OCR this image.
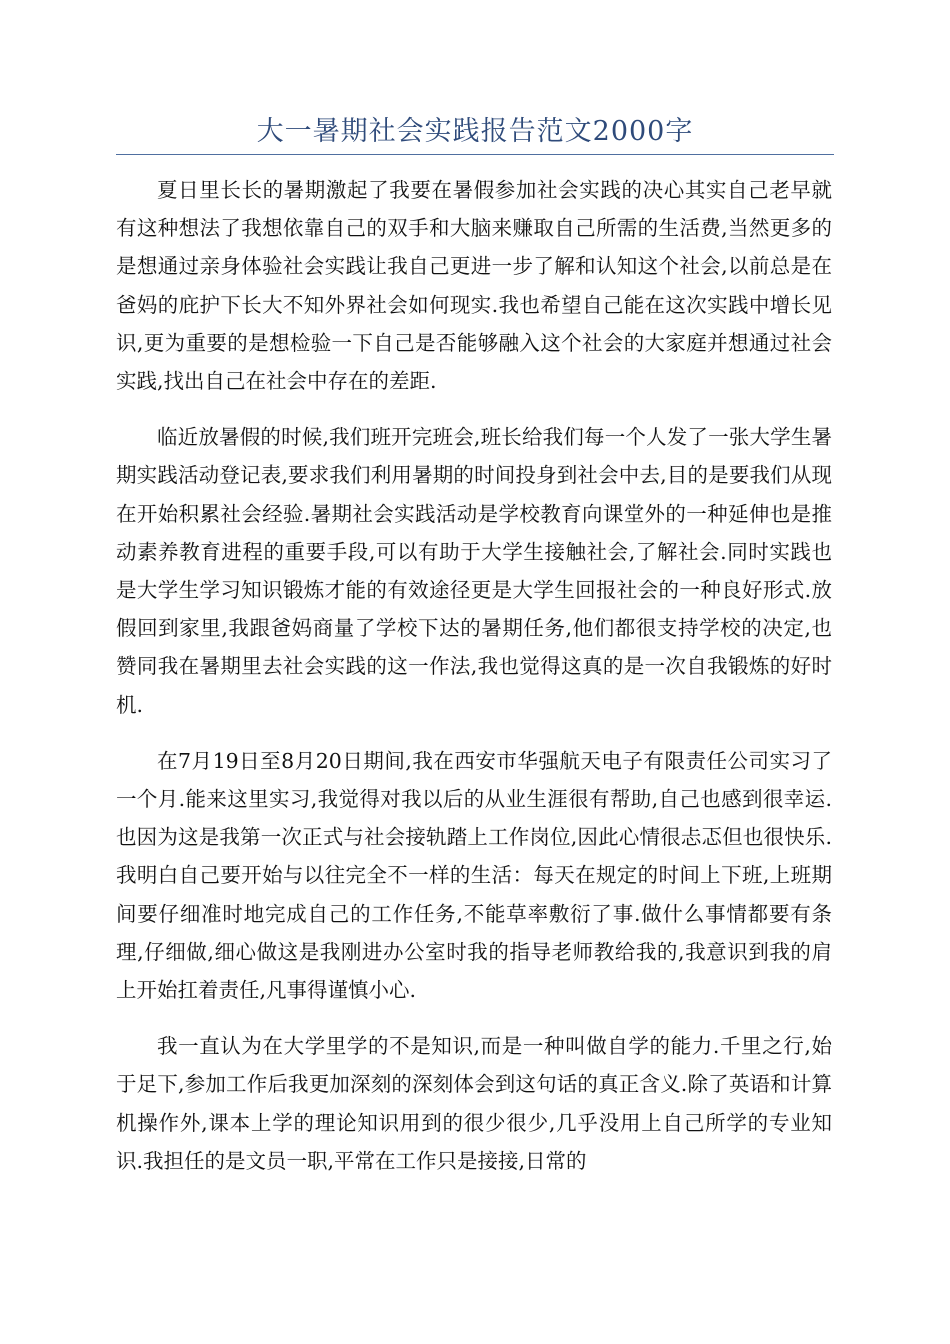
大一暑期社会实践报告范文2000字

夏日里长长的暑期激起了我要在暑假参加社会实践的决心其实自己老早就有这种想法了我想依靠自己的双手和大脑来赚取自己所需的生活费,当然更多的是想通过亲身体验社会实践让我自己更进一步了解和认知这个社会,以前总是在爸妈的庇护下长大不知外界社会如何现实.我也希望自己能在这次实践中增长见识,更为重要的是想检验一下自己是否能够融入这个社会的大家庭并想通过社会实践,找出自己在社会中存在的差距.

临近放暑假的时候,我们班开完班会,班长给我们每一个人发了一张大学生暑期实践活动登记表,要求我们利用暑期的时间投身到社会中去,目的是要我们从现在开始积累社会经验.暑期社会实践活动是学校教育向课堂外的一种延伸也是推动素养教育进程的重要手段,可以有助于大学生接触社会,了解社会.同时实践也是大学生学习知识锻炼才能的有效途径更是大学生回报社会的一种良好形式.放假回到家里,我跟爸妈商量了学校下达的暑期任务,他们都很支持学校的决定,也赞同我在暑期里去社会实践的这一作法,我也觉得这真的是一次自我锻炼的好时机.

在7月19日至8月20日期间,我在西安市华强航天电子有限责任公司实习了一个月.能来这里实习,我觉得对我以后的从业生涯很有帮助,自己也感到很幸运.也因为这是我第一次正式与社会接轨踏上工作岗位,因此心情很忐忑但也很快乐.我明白自己要开始与以往完全不一样的生活：每天在规定的时间上下班,上班期间要仔细准时地完成自己的工作任务,不能草率敷衍了事.做什么事情都要有条理,仔细做,细心做这是我刚进办公室时我的指导老师教给我的,我意识到我的肩上开始扛着责任,凡事得谨慎小心.

我一直认为在大学里学的不是知识,而是一种叫做自学的能力.千里之行,始于足下,参加工作后我更加深刻的深刻体会到这句话的真正含义.除了英语和计算机操作外,课本上学的理论知识用到的很少很少,几乎没用上自己所学的专业知识.我担任的是文员一职,平常在工作只是接接,日常的
